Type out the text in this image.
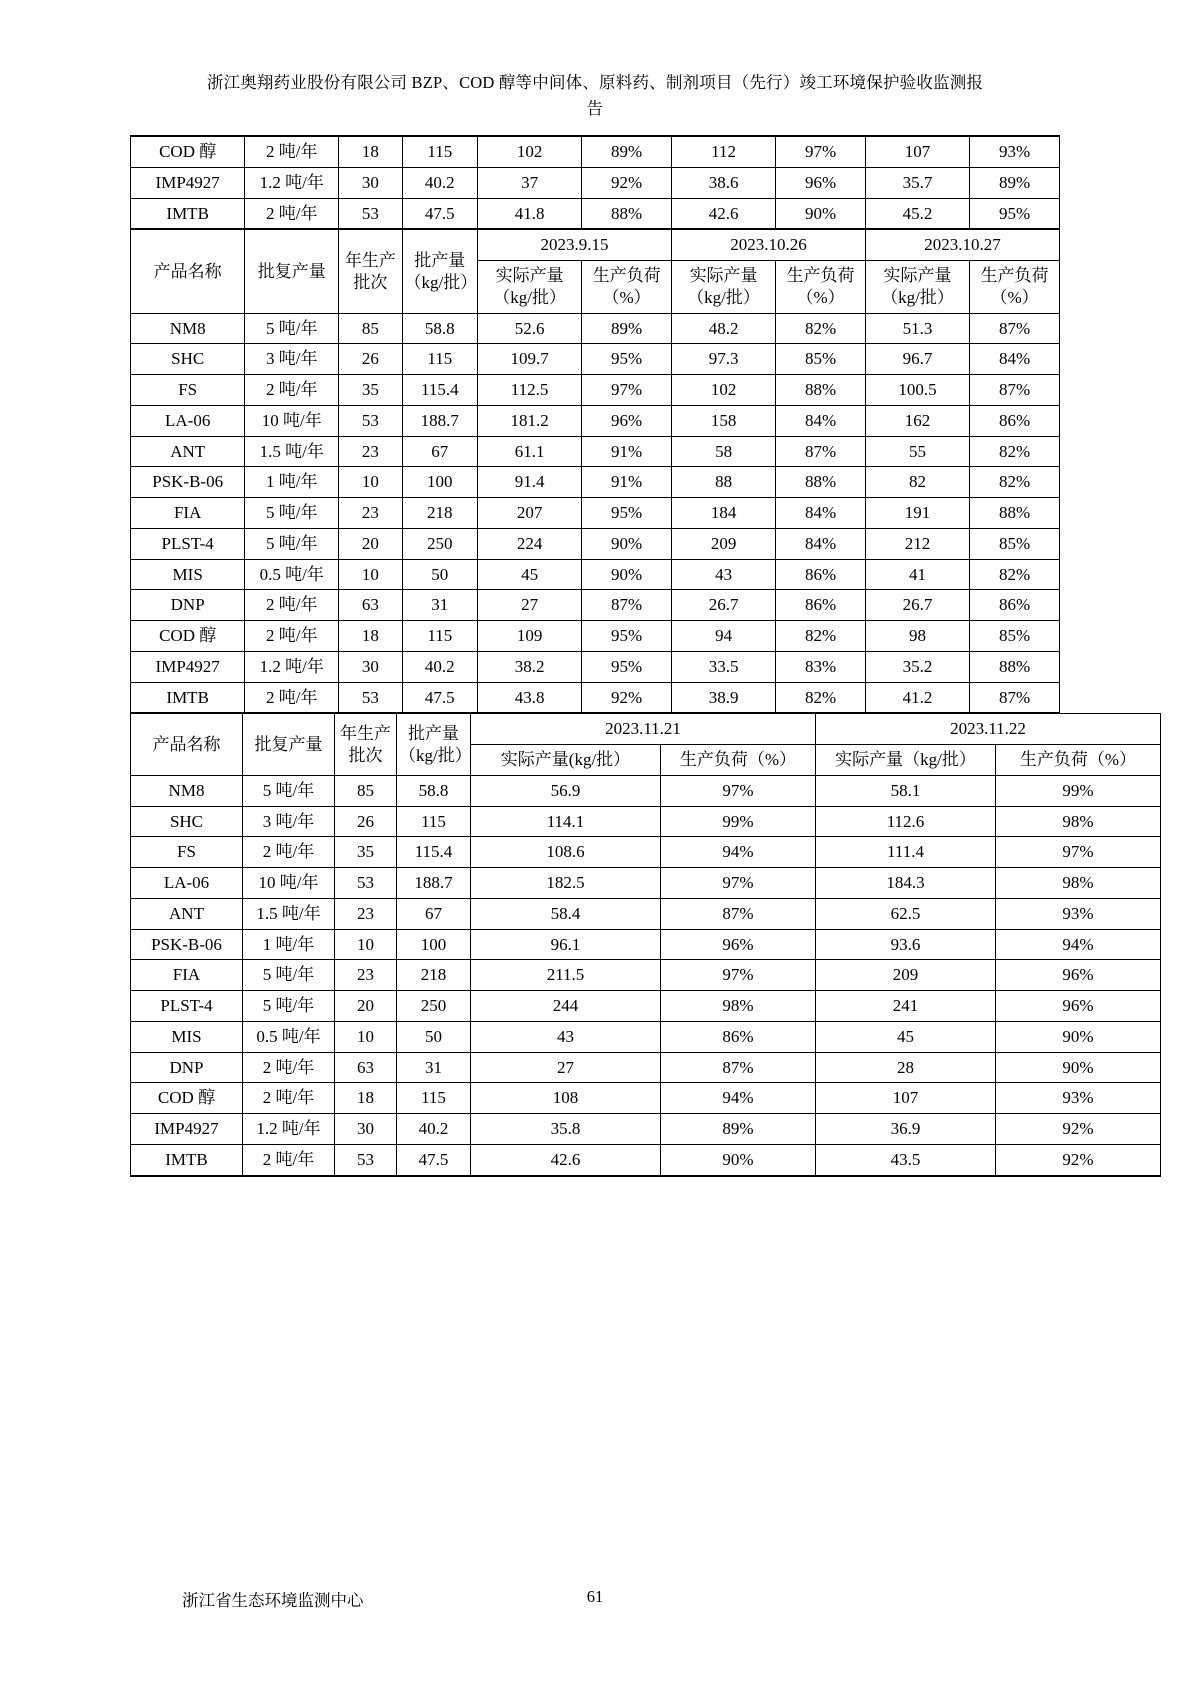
浙江奥翔药业股份有限公司 BZP、COD 醇等中间体、原料药、制剂项目（先行）竣工环境保护验收监测报
告
COD 醇	2 吨/年	18	115	102	89%	112	97%	107	93%
IMP4927	1.2 吨/年	30	40.2	37	92%	38.6	96%	35.7	89%
IMTB	2 吨/年	53	47.5	41.8	88%	42.6	90%	45.2	95%
产品名称	批复产量	年生产批次	批产量（kg/批）	2023.9.15		2023.10.26		2023.10.27	
				实际产量（kg/批）	生产负荷（%）	实际产量（kg/批）	生产负荷（%）	实际产量（kg/批）	生产负荷（%）
NM8	5 吨/年	85	58.8	52.6	89%	48.2	82%	51.3	87%
SHC	3 吨/年	26	115	109.7	95%	97.3	85%	96.7	84%
FS	2 吨/年	35	115.4	112.5	97%	102	88%	100.5	87%
LA-06	10 吨/年	53	188.7	181.2	96%	158	84%	162	86%
ANT	1.5 吨/年	23	67	61.1	91%	58	87%	55	82%
PSK-B-06	1 吨/年	10	100	91.4	91%	88	88%	82	82%
FIA	5 吨/年	23	218	207	95%	184	84%	191	88%
PLST-4	5 吨/年	20	250	224	90%	209	84%	212	85%
MIS	0.5 吨/年	10	50	45	90%	43	86%	41	82%
DNP	2 吨/年	63	31	27	87%	26.7	86%	26.7	86%
COD 醇	2 吨/年	18	115	109	95%	94	82%	98	85%
IMP4927	1.2 吨/年	30	40.2	38.2	95%	33.5	83%	35.2	88%
IMTB	2 吨/年	53	47.5	43.8	92%	38.9	82%	41.2	87%
产品名称	批复产量	年生产批次	批产量（kg/批）	2023.11.21		2023.11.22	
				实际产量(kg/批）	生产负荷（%）	实际产量（kg/批）	生产负荷（%）
NM8	5 吨/年	85	58.8	56.9	97%	58.1	99%
SHC	3 吨/年	26	115	114.1	99%	112.6	98%
FS	2 吨/年	35	115.4	108.6	94%	111.4	97%
LA-06	10 吨/年	53	188.7	182.5	97%	184.3	98%
ANT	1.5 吨/年	23	67	58.4	87%	62.5	93%
PSK-B-06	1 吨/年	10	100	96.1	96%	93.6	94%
FIA	5 吨/年	23	218	211.5	97%	209	96%
PLST-4	5 吨/年	20	250	244	98%	241	96%
MIS	0.5 吨/年	10	50	43	86%	45	90%
DNP	2 吨/年	63	31	27	87%	28	90%
COD 醇	2 吨/年	18	115	108	94%	107	93%
IMP4927	1.2 吨/年	30	40.2	35.8	89%	36.9	92%
IMTB	2 吨/年	53	47.5	42.6	90%	43.5	92%
浙江省生态环境监测中心	61
